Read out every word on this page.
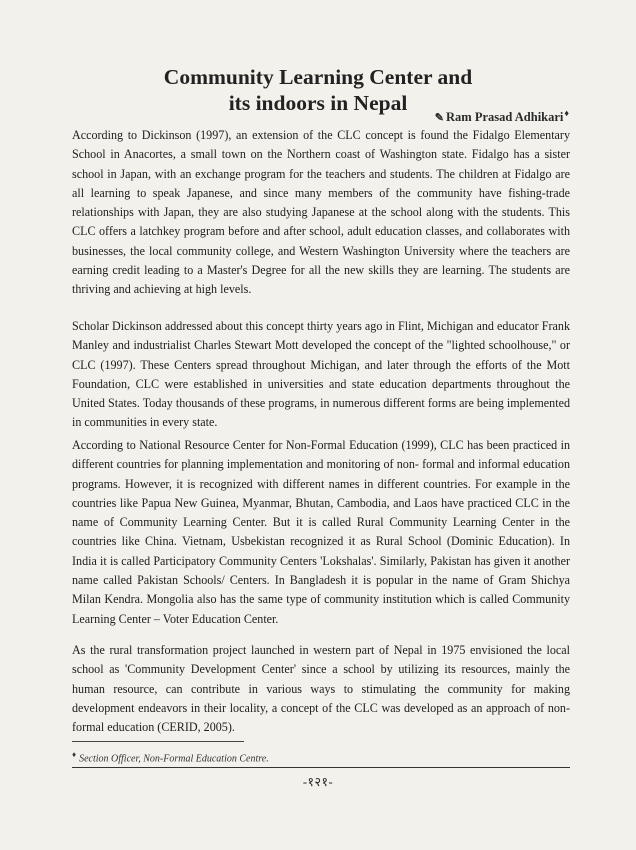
Community Learning Center and
its indoors in Nepal
✎ Ram Prasad Adhikari♦

According to Dickinson (1997), an extension of the CLC concept is found the Fidalgo Elementary School in Anacortes, a small town on the Northern coast of Washington state. Fidalgo has a sister school in Japan, with an exchange program for the teachers and students. The children at Fidalgo are all learning to speak Japanese, and since many members of the community have fishing-trade relationships with Japan, they are also studying Japanese at the school along with the students. This CLC offers a latchkey program before and after school, adult education classes, and collaborates with businesses, the local community college, and Western Washington University where the teachers are earning credit leading to a Master's Degree for all the new skills they are learning. The students are thriving and achieving at high levels.

Scholar Dickinson addressed about this concept thirty years ago in Flint, Michigan and educator Frank Manley and industrialist Charles Stewart Mott developed the concept of the "lighted schoolhouse," or CLC (1997). These Centers spread throughout Michigan, and later through the efforts of the Mott Foundation, CLC were established in universities and state education departments throughout the United States. Today thousands of these programs, in numerous different forms are being implemented in communities in every state.

According to National Resource Center for Non-Formal Education (1999), CLC has been practiced in different countries for planning implementation and monitoring of non- formal and informal education programs. However, it is recognized with different names in different countries. For example in the countries like Papua New Guinea, Myanmar, Bhutan, Cambodia, and Laos have practiced CLC in the name of Community Learning Center. But it is called Rural Community Learning Center in the countries like China. Vietnam, Usbekistan recognized it as Rural School (Dominic Education). In India it is called Participatory Community Centers 'Lokshalas'. Similarly, Pakistan has given it another name called Pakistan Schools/ Centers. In Bangladesh it is popular in the name of Gram Shichya Milan Kendra. Mongolia also has the same type of community institution which is called Community Learning Center – Voter Education Center.

As the rural transformation project launched in western part of Nepal in 1975 envisioned the local school as 'Community Development Center' since a school by utilizing its resources, mainly the human resource, can contribute in various ways to stimulating the community for making development endeavors in their locality, a concept of the CLC was developed as an approach of non-formal education (CERID, 2005).

♦ Section Officer, Non-Formal Education Centre.
-१२१-
